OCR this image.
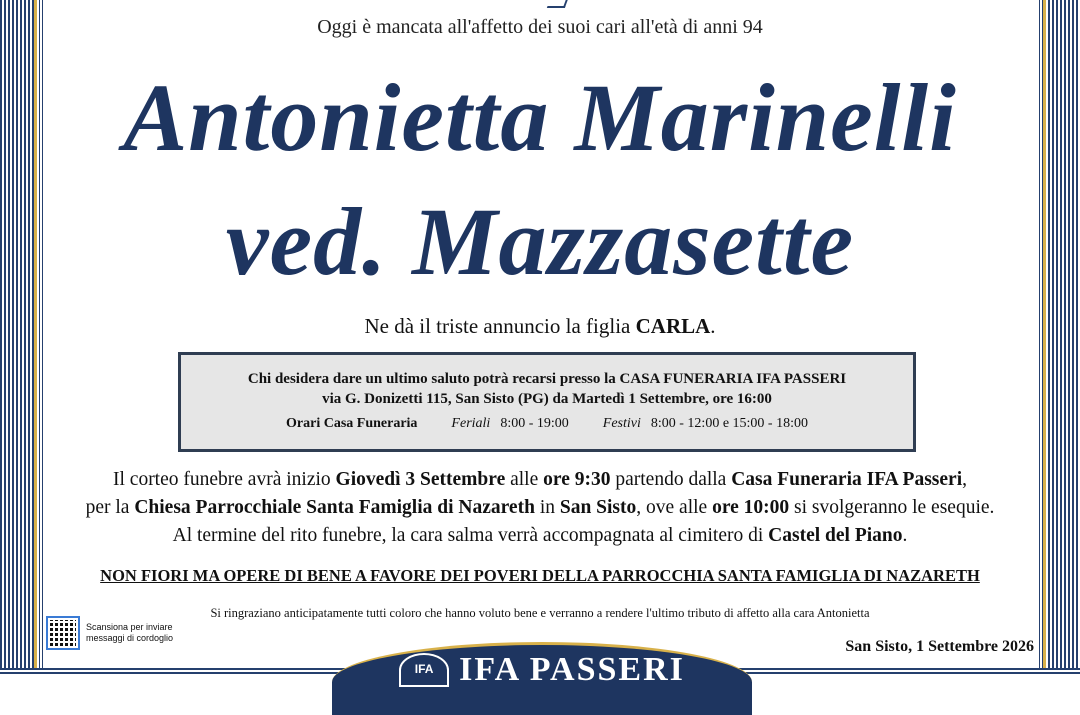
Oggi è mancata all'affetto dei suoi cari all'età di anni 94
Antonietta Marinelli
ved. Mazzasette
Ne dà il triste annuncio la figlia CARLA.
Chi desidera dare un ultimo saluto potrà recarsi presso la CASA FUNERARIA IFA PASSERI
via G. Donizetti 115, San Sisto (PG) da Martedì 1 Settembre, ore 16:00
Orari Casa Funeraria Feriali 8:00 - 19:00 Festivi 8:00 - 12:00 e 15:00 - 18:00
Il corteo funebre avrà inizio Giovedì 3 Settembre alle ore 9:30 partendo dalla Casa Funeraria IFA Passeri,
per la Chiesa Parrocchiale Santa Famiglia di Nazareth in San Sisto, ove alle ore 10:00 si svolgeranno le esequie.
Al termine del rito funebre, la cara salma verrà accompagnata al cimitero di Castel del Piano.
NON FIORI MA OPERE DI BENE A FAVORE DEI POVERI DELLA PARROCCHIA SANTA FAMIGLIA DI NAZARETH
Si ringraziano anticipatamente tutti coloro che hanno voluto bene e verranno a rendere l'ultimo tributo di affetto alla cara Antonietta
Scansiona per inviare messaggi di cordoglio	San Sisto, 1 Settembre 2026
IFA IFA PASSERI
